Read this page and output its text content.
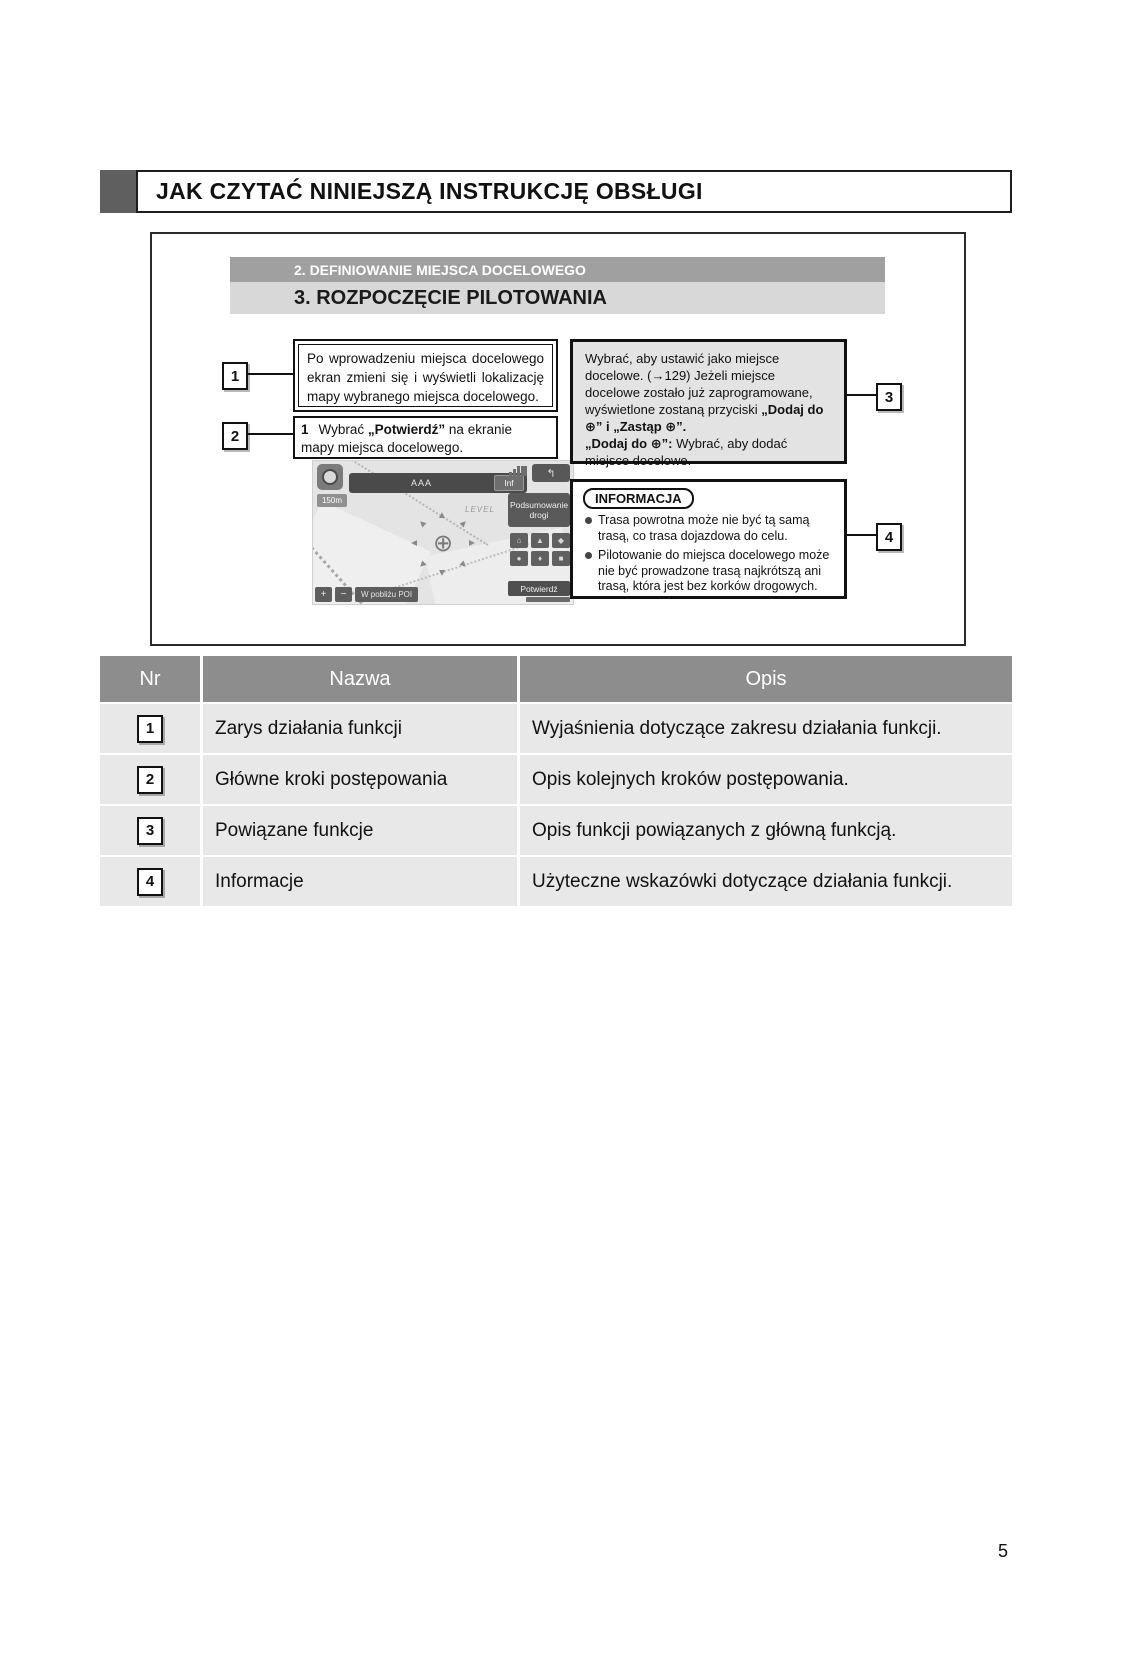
JAK CZYTAĆ NINIEJSZĄ INSTRUKCJĘ OBSŁUGI
2. DEFINIOWANIE MIEJSCA DOCELOWEGO
3. ROZPOCZĘCIE PILOTOWANIA
1
2
3
4
Po wprowadzeniu miejsca docelowego ekran zmieni się i wyświetli lokalizację mapy wybranego miejsca docelowego.
1 Wybrać „Potwierdź” na ekranie mapy miejsca docelowego.
150m
AAA	Inf
↰
LEVEL
▲
▲
▲
▲
▲
▲
▲
▲
⊕
Podsumowanie drogi
⌂	▲	◆
●	♦	■
+	−	W pobliżu POI
Potwierdź
Wybrać, aby ustawić jako miejsce docelowe. (→129) Jeżeli miejsce docelowe zostało już zaprogramowane, wyświetlone zostaną przyciski „Dodaj do ⊕” i „Zastąp ⊕”.
„Dodaj do ⊕”: Wybrać, aby dodać miejsce docelowe.
INFORMACJA
Trasa powrotna może nie być tą samą trasą, co trasa dojazdowa do celu.
Pilotowanie do miejsca docelowego może nie być prowadzone trasą najkrótszą ani trasą, która jest bez korków drogowych.
Nr	Nazwa	Opis
1	Zarys działania funkcji	Wyjaśnienia dotyczące zakresu działania funkcji.
2	Główne kroki postępowania	Opis kolejnych kroków postępowania.
3	Powiązane funkcje	Opis funkcji powiązanych z główną funkcją.
4	Informacje	Użyteczne wskazówki dotyczące działania funkcji.
5
